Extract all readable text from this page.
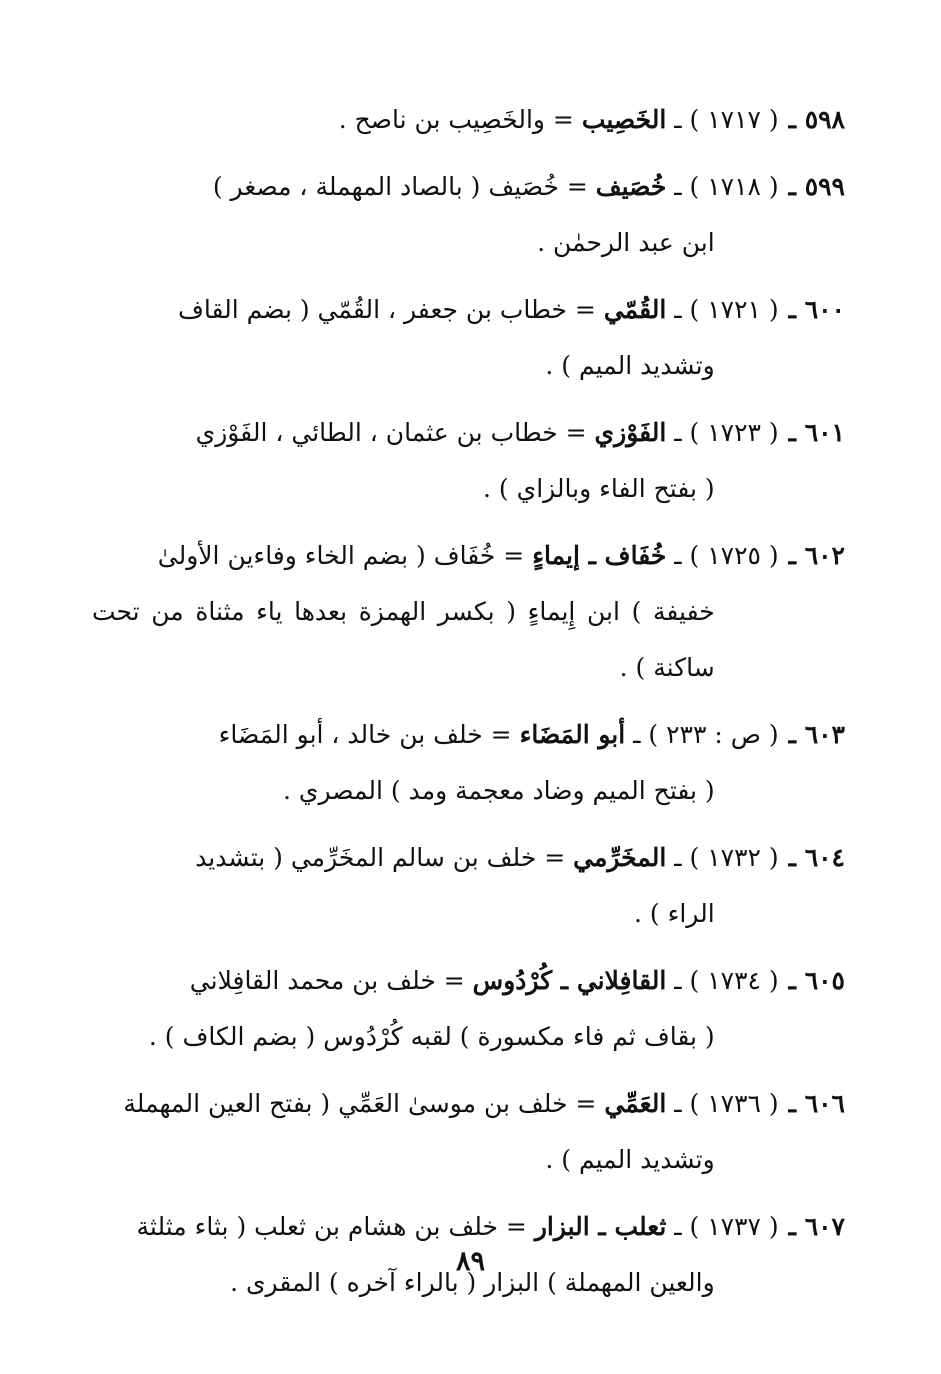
٥٩٨ ـ
( ١٧١٧ ) ـ الخَصِيب = والخَصِيب بن ناصح .
٥٩٩ ـ
( ١٧١٨ ) ـ خُصَيف = خُصَيف ( بالصاد المهملة ، مصغر )
ابن عبد الرحمٰن .
٦٠٠ ـ
( ١٧٢١ ) ـ القُمّي = خطاب بن جعفر ، القُمّي ( بضم القاف
وتشديد الميم ) .
٦٠١ ـ
( ١٧٢٣ ) ـ الفَوْزي = خطاب بن عثمان ، الطائي ، الفَوْزي
( بفتح الفاء وبالزاي ) .
٦٠٢ ـ
( ١٧٢٥ ) ـ خُفَاف ـ إيماءٍ = خُفَاف ( بضم الخاء وفاءين الأولىٰ
خفيفة ) ابن إِيماءٍ ( بكسر الهمزة بعدها ياء مثناة من تحت ساكنة ) .
٦٠٣ ـ
( ص : ٢٣٣ ) ـ أبو المَضَاء = خلف بن خالد ، أبو المَضَاء
( بفتح الميم وضاد معجمة ومد ) المصري .
٦٠٤ ـ
( ١٧٣٢ ) ـ المخَرِّمي = خلف بن سالم المخَرِّمي ( بتشديد
الراء ) .
٦٠٥ ـ
( ١٧٣٤ ) ـ القافِلاني ـ كُرْدُوس = خلف بن محمد القافِلاني
( بقاف ثم فاء مكسورة ) لقبه كُرْدُوس ( بضم الكاف ) .
٦٠٦ ـ
( ١٧٣٦ ) ـ العَمِّي = خلف بن موسىٰ العَمِّي ( بفتح العين المهملة
وتشديد الميم ) .
٦٠٧ ـ
( ١٧٣٧ ) ـ ثعلب ـ البزار = خلف بن هشام بن ثعلب ( بثاء مثلثة
والعين المهملة ) البزار ( بالراء آخره ) المقرى .
٨٩
